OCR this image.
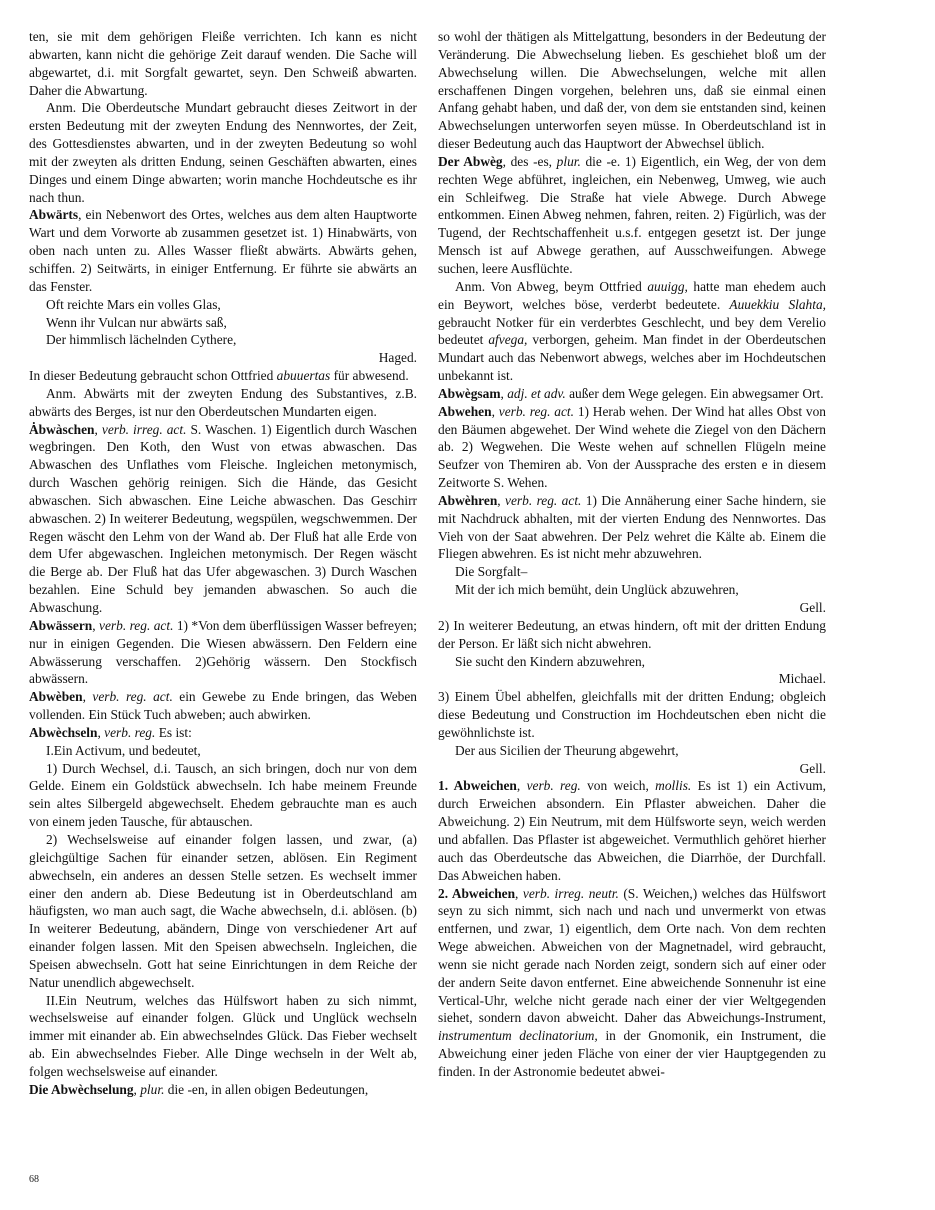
ten, sie mit dem gehörigen Fleiße verrichten. Ich kann es nicht abwarten, kann nicht die gehörige Zeit darauf wenden. Die Sache will abgewartet, d.i. mit Sorgfalt gewartet, seyn. Den Schweiß abwarten. Daher die Abwartung.

Anm. Die Oberdeutsche Mundart gebraucht dieses Zeitwort in der ersten Bedeutung mit der zweyten Endung des Nennwortes, der Zeit, des Gottesdienstes abwarten, und in der zweyten Bedeutung so wohl mit der zweyten als dritten Endung, seinen Geschäften abwarten, eines Dinges und einem Dinge abwarten; worin manche Hochdeutsche es ihr nach thun.

Abwärts, ein Nebenwort des Ortes, welches aus dem alten Hauptworte Wart und dem Vorworte ab zusammen gesetzet ist. 1) Hinabwärts, von oben nach unten zu. Alles Wasser fließt abwärts. Abwärts gehen, schiffen. 2) Seitwärts, in einiger Entfernung. Er führte sie abwärts an das Fenster.

Oft reichte Mars ein volles Glas,

Wenn ihr Vulcan nur abwärts saß,

Der himmlisch lächelnden Cythere,

Haged.

In dieser Bedeutung gebraucht schon Ottfried abuuertas für abwesend.

Anm. Abwärts mit der zweyten Endung des Substantives, z.B. abwärts des Berges, ist nur den Oberdeutschen Mundarten eigen.

Ȧbwàschen, verb. irreg. act. S. Waschen. 1) Eigentlich durch Waschen wegbringen. Den Koth, den Wust von etwas abwaschen. Das Abwaschen des Unflathes vom Fleische. Ingleichen metonymisch, durch Waschen gehörig reinigen. Sich die Hände, das Gesicht abwaschen. Sich abwaschen. Eine Leiche abwaschen. Das Geschirr abwaschen. 2) In weiterer Bedeutung, wegspülen, wegschwemmen. Der Regen wäscht den Lehm von der Wand ab. Der Fluß hat alle Erde von dem Ufer abgewaschen. Ingleichen metonymisch. Der Regen wäscht die Berge ab. Der Fluß hat das Ufer abgewaschen. 3) Durch Waschen bezahlen. Eine Schuld bey jemanden abwaschen. So auch die Abwaschung.

Abwässern, verb. reg. act. 1) *Von dem überflüssigen Wasser befreyen; nur in einigen Gegenden. Die Wiesen abwässern. Den Feldern eine Abwässerung verschaffen. 2)Gehörig wässern. Den Stockfisch abwässern.

Abwèben, verb. reg. act. ein Gewebe zu Ende bringen, das Weben vollenden. Ein Stück Tuch abweben; auch abwirken.

Abwèchseln, verb. reg. Es ist:

I.Ein Activum, und bedeutet,

1) Durch Wechsel, d.i. Tausch, an sich bringen, doch nur von dem Gelde. Einem ein Goldstück abwechseln. Ich habe meinem Freunde sein altes Silbergeld abgewechselt. Ehedem gebrauchte man es auch von einem jeden Tausche, für abtauschen.

2) Wechselsweise auf einander folgen lassen, und zwar, (a) gleichgültige Sachen für einander setzen, ablösen. Ein Regiment abwechseln, ein anderes an dessen Stelle setzen. Es wechselt immer einer den andern ab. Diese Bedeutung ist in Oberdeutschland am häufigsten, wo man auch sagt, die Wache abwechseln, d.i. ablösen. (b) In weiterer Bedeutung, abändern, Dinge von verschiedener Art auf einander folgen lassen. Mit den Speisen abwechseln. Ingleichen, die Speisen abwechseln. Gott hat seine Einrichtungen in dem Reiche der Natur unendlich abgewechselt.

II.Ein Neutrum, welches das Hülfswort haben zu sich nimmt, wechselsweise auf einander folgen. Glück und Unglück wechseln immer mit einander ab. Ein abwechselndes Glück. Das Fieber wechselt ab. Ein abwechselndes Fieber. Alle Dinge wechseln in der Welt ab, folgen wechselsweise auf einander.

Die Abwèchselung, plur. die -en, in allen obigen Bedeutungen,

so wohl der thätigen als Mittelgattung, besonders in der Bedeutung der Veränderung. Die Abwechselung lieben. Es geschiehet bloß um der Abwechselung willen. Die Abwechselungen, welche mit allen erschaffenen Dingen vorgehen, belehren uns, daß sie einmal einen Anfang gehabt haben, und daß der, von dem sie entstanden sind, keinen Abwechselungen unterworfen seyen müsse. In Oberdeutschland ist in dieser Bedeutung auch das Hauptwort der Abwechsel üblich.

Der Abwèg, des -es, plur. die -e. 1) Eigentlich, ein Weg, der von dem rechten Wege abführet, ingleichen, ein Nebenweg, Umweg, wie auch ein Schleifweg. Die Straße hat viele Abwege. Durch Abwege entkommen. Einen Abweg nehmen, fahren, reiten. 2) Figürlich, was der Tugend, der Rechtschaffenheit u.s.f. entgegen gesetzt ist. Der junge Mensch ist auf Abwege gerathen, auf Ausschweifungen. Abwege suchen, leere Ausflüchte.

Anm. Von Abweg, beym Ottfried auuigg, hatte man ehedem auch ein Beywort, welches böse, verderbt bedeutete. Auuekkiu Slahta, gebraucht Notker für ein verderbtes Geschlecht, und bey dem Verelio bedeutet afvega, verborgen, geheim. Man findet in der Oberdeutschen Mundart auch das Nebenwort abwegs, welches aber im Hochdeutschen unbekannt ist.

Abwègsam, adj. et adv. außer dem Wege gelegen. Ein abwegsamer Ort.

Abwehen, verb. reg. act. 1) Herab wehen. Der Wind hat alles Obst von den Bäumen abgewehet. Der Wind wehete die Ziegel von den Dächern ab. 2) Wegwehen. Die Weste wehen auf schnellen Flügeln meine Seufzer von Themiren ab. Von der Aussprache des ersten e in diesem Zeitworte S. Wehen.

Abwèhren, verb. reg. act. 1) Die Annäherung einer Sache hindern, sie mit Nachdruck abhalten, mit der vierten Endung des Nennwortes. Das Vieh von der Saat abwehren. Der Pelz wehret die Kälte ab. Einem die Fliegen abwehren. Es ist nicht mehr abzuwehren.

Die Sorgfalt–

Mit der ich mich bemüht, dein Unglück abzuwehren,

Gell.

2) In weiterer Bedeutung, an etwas hindern, oft mit der dritten Endung der Person. Er läßt sich nicht abwehren.

Sie sucht den Kindern abzuwehren,

Michael.

3) Einem Übel abhelfen, gleichfalls mit der dritten Endung; obgleich diese Bedeutung und Construction im Hochdeutschen eben nicht die gewöhnlichste ist.

Der aus Sicilien der Theurung abgewehrt,

Gell.

1. Abweichen, verb. reg. von weich, mollis. Es ist 1) ein Activum, durch Erweichen absondern. Ein Pflaster abweichen. Daher die Abweichung. 2) Ein Neutrum, mit dem Hülfsworte seyn, weich werden und abfallen. Das Pflaster ist abgeweichet. Vermuthlich gehöret hierher auch das Oberdeutsche das Abweichen, die Diarrhöe, der Durchfall. Das Abweichen haben.

2. Abweichen, verb. irreg. neutr. (S. Weichen,) welches das Hülfswort seyn zu sich nimmt, sich nach und nach und unvermerkt von etwas entfernen, und zwar, 1) eigentlich, dem Orte nach. Von dem rechten Wege abweichen. Abweichen von der Magnetnadel, wird gebraucht, wenn sie nicht gerade nach Norden zeigt, sondern sich auf einer oder der andern Seite davon entfernet. Eine abweichende Sonnenuhr ist eine Vertical-Uhr, welche nicht gerade nach einer der vier Weltgegenden siehet, sondern davon abweicht. Daher das Abweichungs-Instrument, instrumentum declinatorium, in der Gnomonik, ein Instrument, die Abweichung einer jeden Fläche von einer der vier Hauptgegenden zu finden. In der Astronomie bedeutet abwei-

68
